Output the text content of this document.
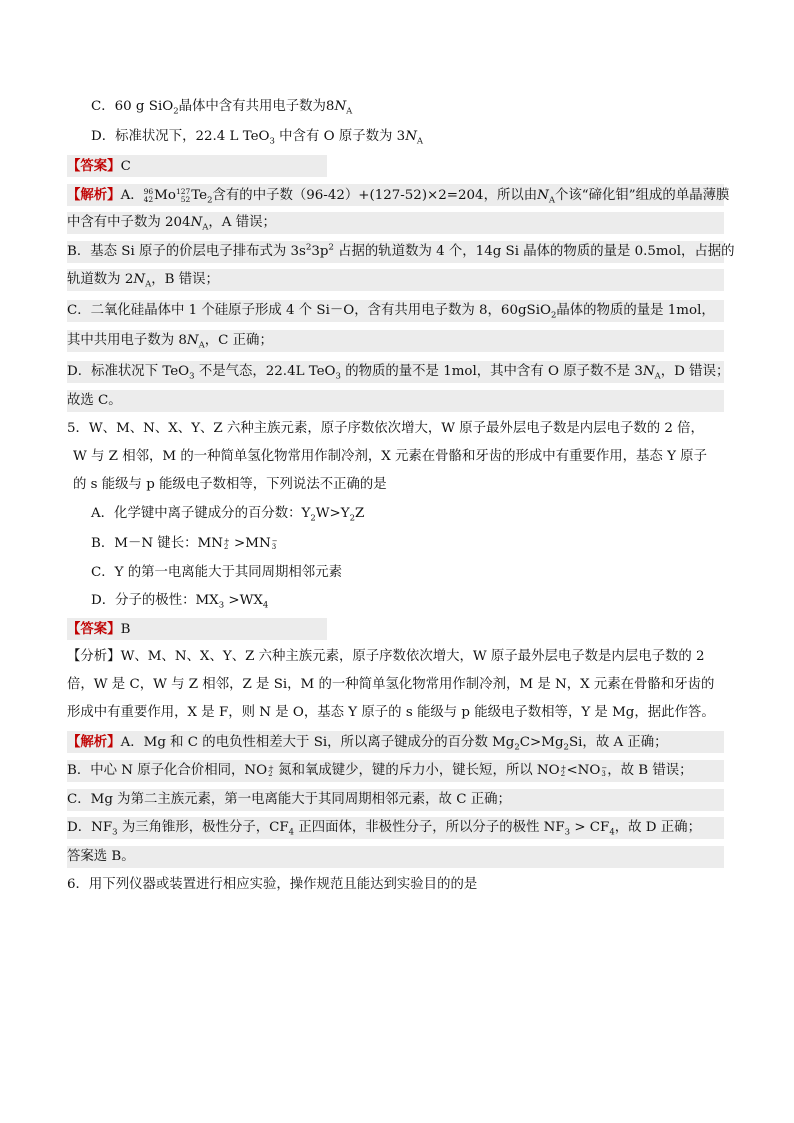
C．60 g SiO$_2$晶体中含有共用电子数为$8N_A$
D．标准状况下，22.4 L TeO$_3$ 中含有 O 原子数为 $3N_A$
【答案】C
【解析】A． 96
42 Mo 127
52 $Te_2$含有的中子数（96-42）+(127-52)×2=204，所以由$N_A$个该“碲化钼”组成的单晶薄膜
中含有中子数为 $204N_A$，A 错误；
B．基态 Si 原子的价层电子排布式为 $3s^23p^2$ 占据的轨道数为 4 个，14g Si 晶体的物质的量是 0.5mol，占据的
轨道数为 $2N_A$，B 错误；
C．二氧化硅晶体中 1 个硅原子形成 4 个 Si－O，含有共用电子数为 8，60gSiO$_2$晶体的物质的量是 1mol，
其中共用电子数为 $8N_A$，C 正确；
D．标准状况下 TeO$_3$ 不是气态，22.4L TeO$_3$ 的物质的量不是 1mol，其中含有 O 原子数不是 $3N_A$，D 错误；
故选 C。
5．W、M、N、X、Y、Z 六种主族元素，原子序数依次增大，W 原子最外层电子数是内层电子数的 2 倍，
W 与 Z 相邻，M 的一种简单氢化物常用作制冷剂，X 元素在骨骼和牙齿的形成中有重要作用，基态 Y 原子
的 s 能级与 p 能级电子数相等，下列说法不正确的是
A．化学键中离子键成分的百分数：$Y_2W>Y_2Z$
B．M－N 键长：MN +
2 >MN −
3
C．Y 的第一电离能大于其同周期相邻元素
D．分子的极性：$MX_3 >WX_4$
【答案】B
【分析】W、M、N、X、Y、Z 六种主族元素，原子序数依次增大，W 原子最外层电子数是内层电子数的 2
倍，W 是 C，W 与 Z 相邻，Z 是 Si，M 的一种简单氢化物常用作制冷剂，M 是 N，X 元素在骨骼和牙齿的
形成中有重要作用，X 是 F，则 N 是 O，基态 Y 原子的 s 能级与 p 能级电子数相等，Y 是 Mg，据此作答。
【解析】A．Mg 和 C 的电负性相差大于 Si，所以离子键成分的百分数 $Mg_2C>Mg_2Si$，故 A 正确；
B．中心 N 原子化合价相同，NO +
2 氮和氧成键少，键的斥力小，键长短，所以 NO +
2 <NO −
3 ，故 B 错误；
C．Mg 为第二主族元素，第一电离能大于其同周期相邻元素，故 C 正确；
D．$NF_3$ 为三角锥形，极性分子，$CF_4$ 正四面体，非极性分子，所以分子的极性 $NF_3 > CF_4$，故 D 正确；
答案选 B。
6．用下列仪器或装置进行相应实验，操作规范且能达到实验目的的是
